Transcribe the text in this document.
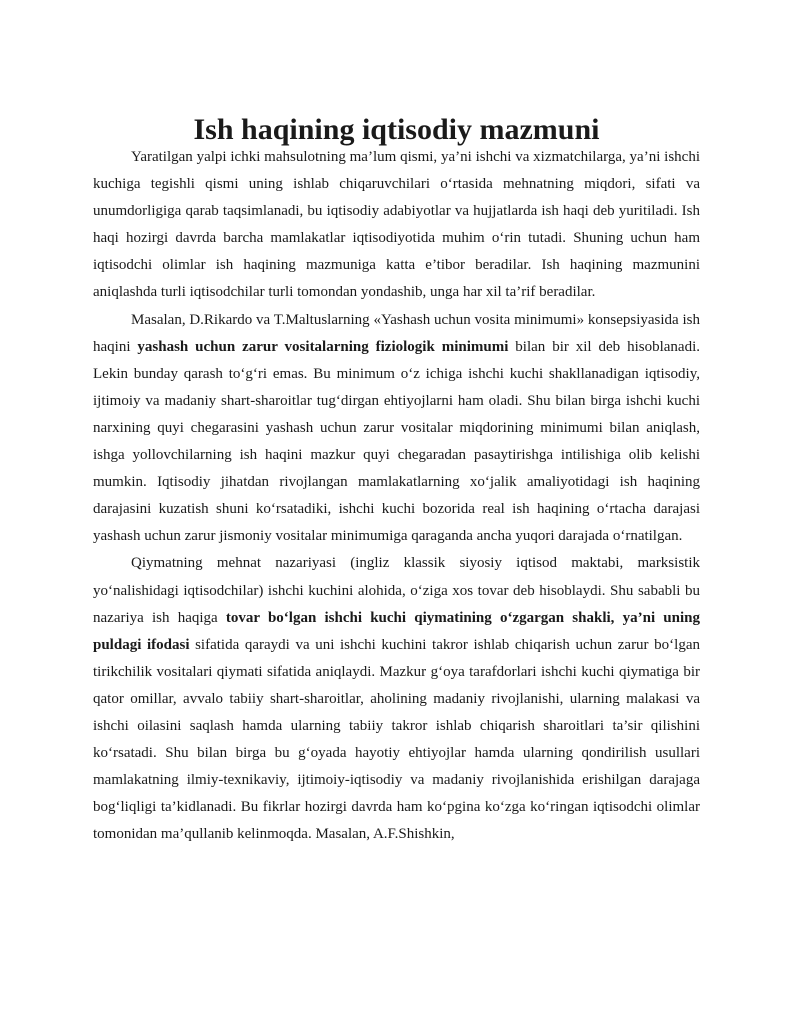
Ish haqining iqtisodiy mazmuni

Yaratilgan yalpi ichki mahsulotning ma’lum qismi, ya’ni ishchi va xizmatchilarga, ya’ni ishchi kuchiga tegishli qismi uning ishlab chiqaruvchilari o‘rtasida mehnatning miqdori, sifati va unumdorligiga qarab taqsimlanadi, bu iqtisodiy adabiyotlar va hujjatlarda ish haqi deb yuritiladi. Ish haqi hozirgi davrda barcha mamlakatlar iqtisodiyotida muhim o‘rin tutadi. Shuning uchun ham iqtisodchi olimlar ish haqining mazmuniga katta e’tibor beradilar. Ish haqining mazmunini aniqlashda turli iqtisodchilar turli tomondan yondashib, unga har xil ta’rif beradilar.

Masalan, D.Rikardo va T.Maltuslarning «Yashash uchun vosita minimumi» konsepsiyasida ish haqini yashash uchun zarur vositalarning fiziologik minimumi bilan bir xil deb hisoblanadi. Lekin bunday qarash to‘g‘ri emas. Bu minimum o‘z ichiga ishchi kuchi shakllanadigan iqtisodiy, ijtimoiy va madaniy shart-sharoitlar tug‘dirgan ehtiyojlarni ham oladi. Shu bilan birga ishchi kuchi narxining quyi chegarasini yashash uchun zarur vositalar miqdorining minimumi bilan aniqlash, ishga yollovchilarning ish haqini mazkur quyi chegaradan pasaytirishga intilishiga olib kelishi mumkin. Iqtisodiy jihatdan rivojlangan mamlakatlarning xo‘jalik amaliyotidagi ish haqining darajasini kuzatish shuni ko‘rsatadiki, ishchi kuchi bozorida real ish haqining o‘rtacha darajasi yashash uchun zarur jismoniy vositalar minimumiga qaraganda ancha yuqori darajada o‘rnatilgan.

Qiymatning mehnat nazariyasi (ingliz klassik siyosiy iqtisod maktabi, marksistik yo‘nalishidagi iqtisodchilar) ishchi kuchini alohida, o‘ziga xos tovar deb hisoblaydi. Shu sababli bu nazariya ish haqiga tovar bo‘lgan ishchi kuchi qiymatining o‘zgargan shakli, ya’ni uning puldagi ifodasi sifatida qaraydi va uni ishchi kuchini takror ishlab chiqarish uchun zarur bo‘lgan tirikchilik vositalari qiymati sifatida aniqlaydi. Mazkur g‘oya tarafdorlari ishchi kuchi qiymatiga bir qator omillar, avvalo tabiiy shart-sharoitlar, aholining madaniy rivojlanishi, ularning malakasi va ishchi oilasini saqlash hamda ularning tabiiy takror ishlab chiqarish sharoitlari ta’sir qilishini ko‘rsatadi. Shu bilan birga bu g‘oyada hayotiy ehtiyojlar hamda ularning qondirilish usullari mamlakatning ilmiy-texnikaviy, ijtimoiy-iqtisodiy va madaniy rivojlanishida erishilgan darajaga bog‘liqligi ta’kidlanadi. Bu fikrlar hozirgi davrda ham ko‘pgina ko‘zga ko‘ringan iqtisodchi olimlar tomonidan ma’qullanib kelinmoqda. Masalan, A.F.Shishkin,
